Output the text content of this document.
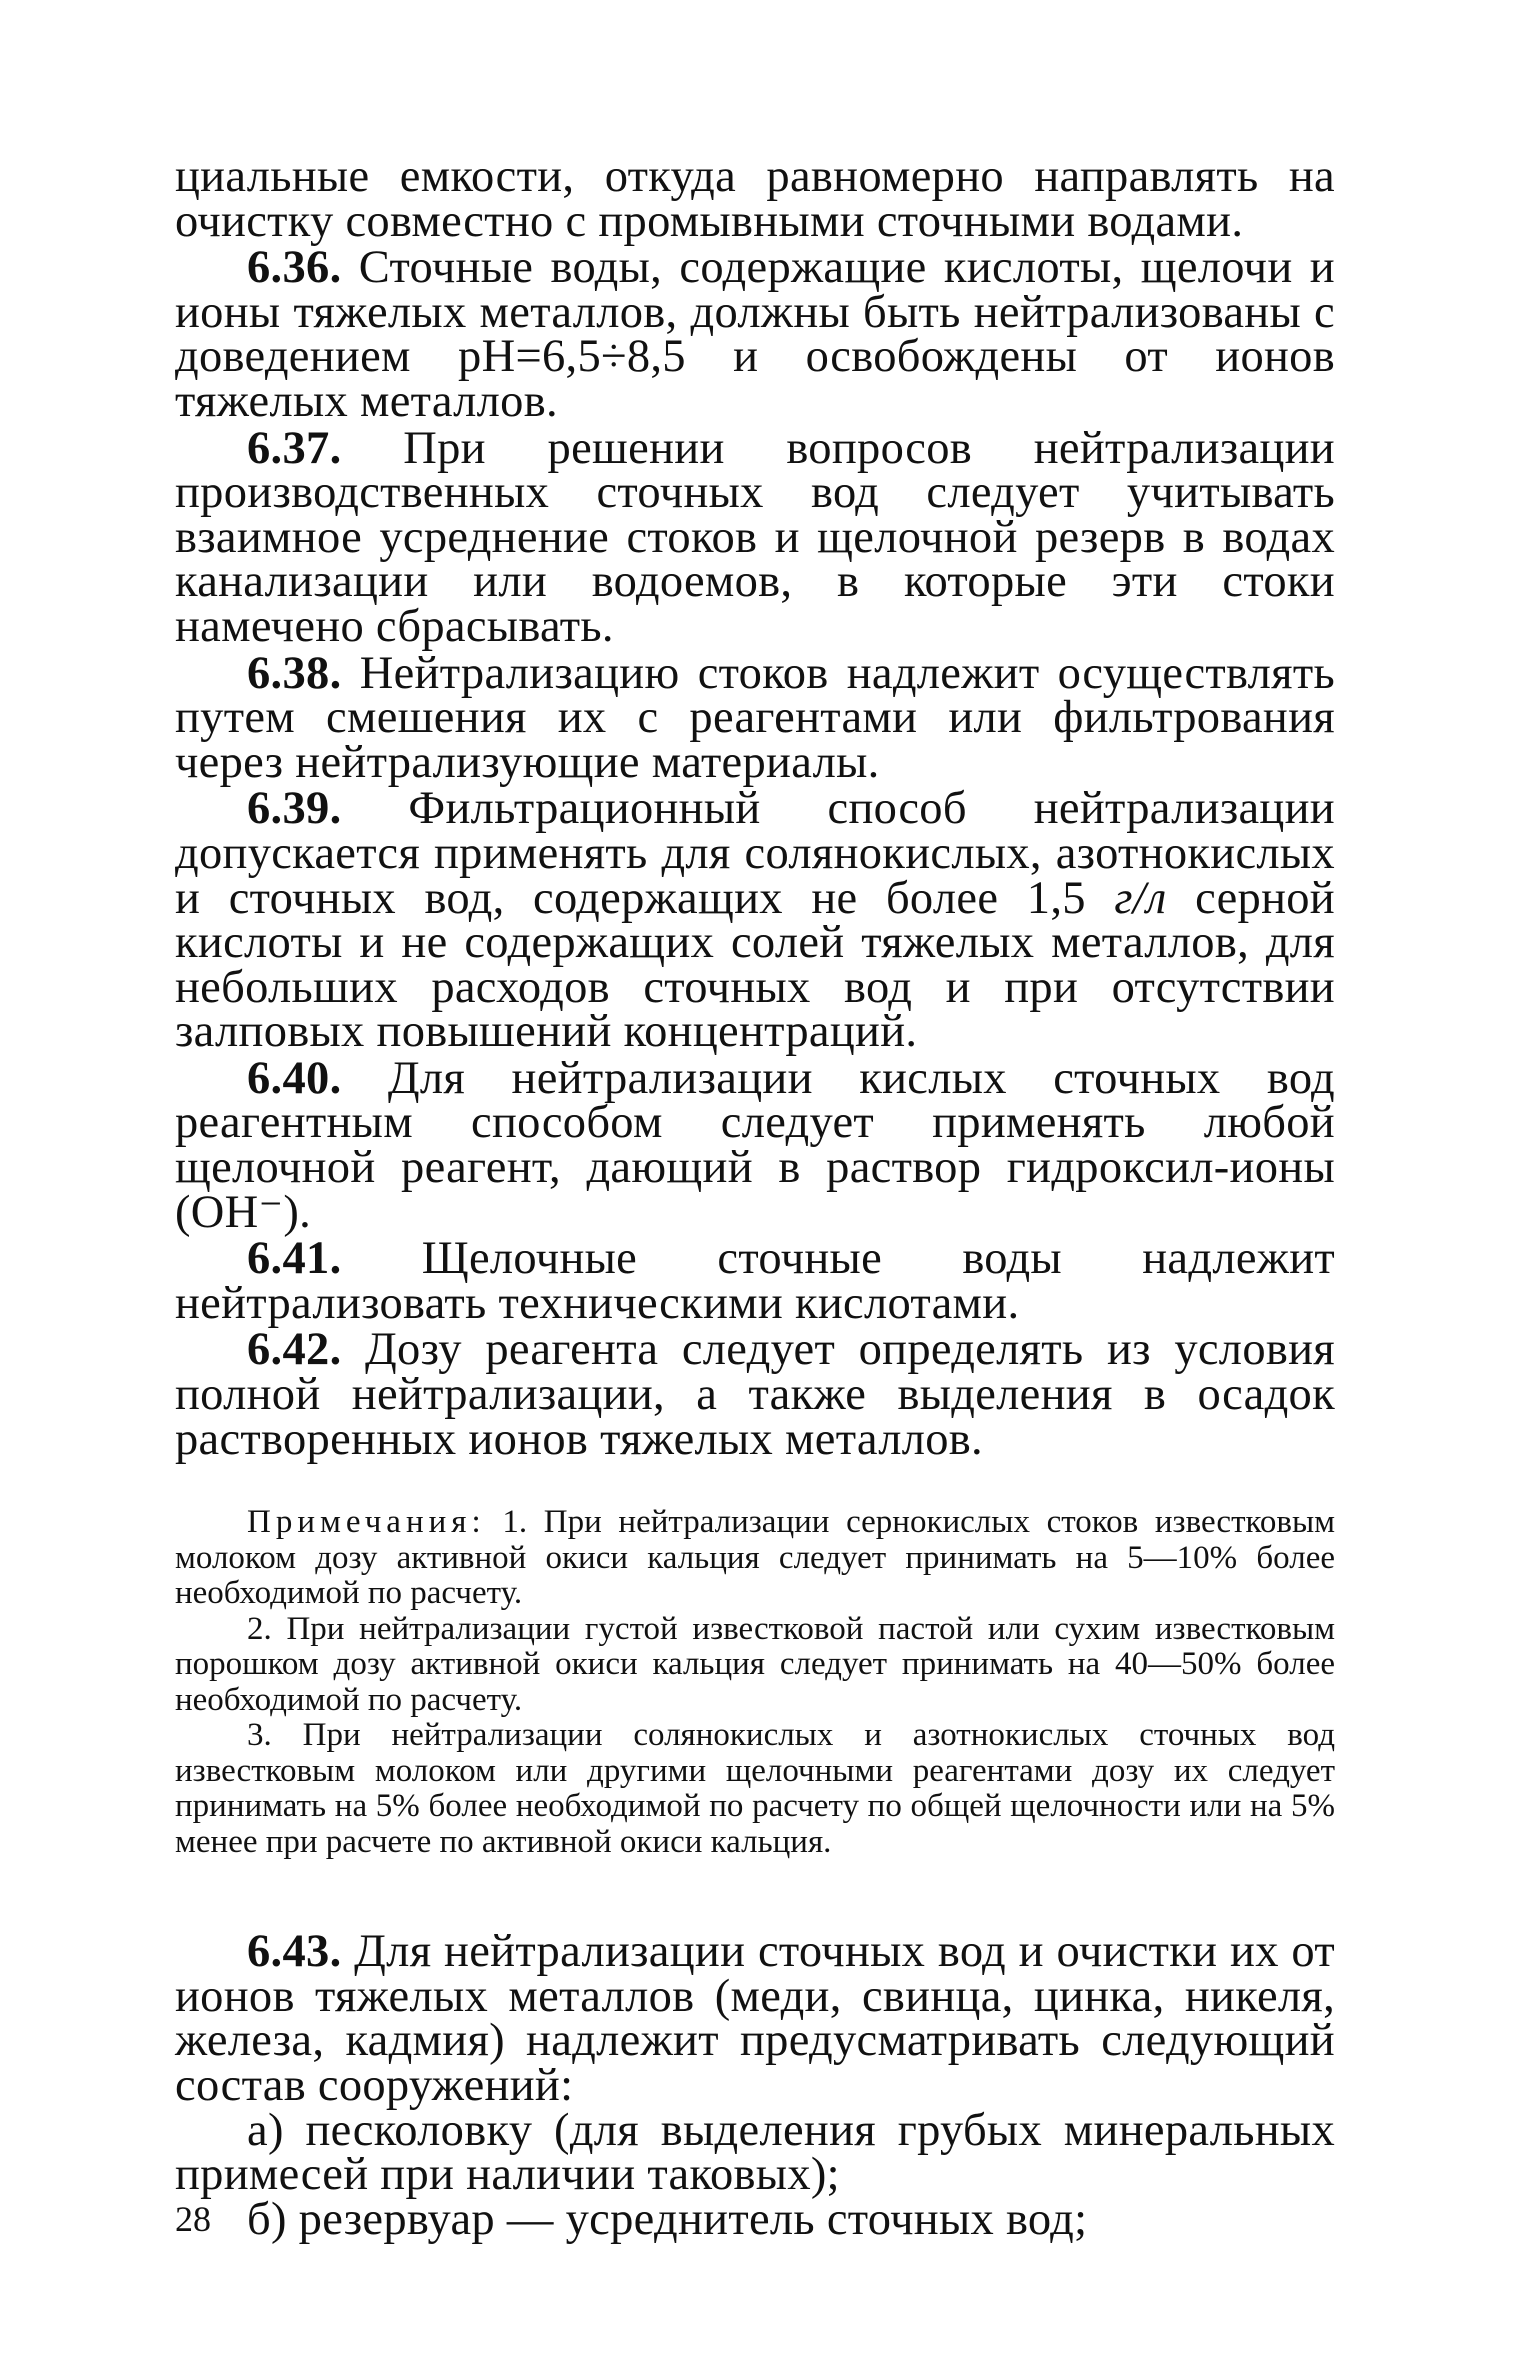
циальные емкости, откуда равномерно направлять на очистку совместно с промывными сточными водами.

6.36. Сточные воды, содержащие кислоты, щелочи и ионы тяжелых металлов, должны быть нейтрализованы с доведением рН=6,5÷8,5 и освобождены от ионов тяжелых металлов.

6.37. При решении вопросов нейтрализации производственных сточных вод следует учитывать взаимное усреднение стоков и щелочной резерв в водах канализации или водоемов, в которые эти стоки намечено сбрасывать.

6.38. Нейтрализацию стоков надлежит осуществлять путем смешения их с реагентами или фильтрования через нейтрализующие материалы.

6.39. Фильтрационный способ нейтрализации допускается применять для солянокислых, азотнокислых и сточных вод, содержащих не более 1,5 г/л серной кислоты и не содержащих солей тяжелых металлов, для небольших расходов сточных вод и при отсутствии залповых повышений концентраций.

6.40. Для нейтрализации кислых сточных вод реагентным способом следует применять любой щелочной реагент, дающий в раствор гидроксил-ионы (ОН⁻).

6.41. Щелочные сточные воды надлежит нейтрализовать техническими кислотами.

6.42. Дозу реагента следует определять из условия полной нейтрализации, а также выделения в осадок растворенных ионов тяжелых металлов.

Примечания: 1. При нейтрализации сернокислых стоков известковым молоком дозу активной окиси кальция следует принимать на 5—10% более необходимой по расчету.

2. При нейтрализации густой известковой пастой или сухим известковым порошком дозу активной окиси кальция следует принимать на 40—50% более необходимой по расчету.

3. При нейтрализации солянокислых и азотнокислых сточных вод известковым молоком или другими щелочными реагентами дозу их следует принимать на 5% более необходимой по расчету по общей щелочности или на 5% менее при расчете по активной окиси кальция.

6.43. Для нейтрализации сточных вод и очистки их от ионов тяжелых металлов (меди, свинца, цинка, никеля, железа, кадмия) надлежит предусматривать следующий состав сооружений:

а) песколовку (для выделения грубых минеральных примесей при наличии таковых);

б) резервуар — усреднитель сточных вод;

28
